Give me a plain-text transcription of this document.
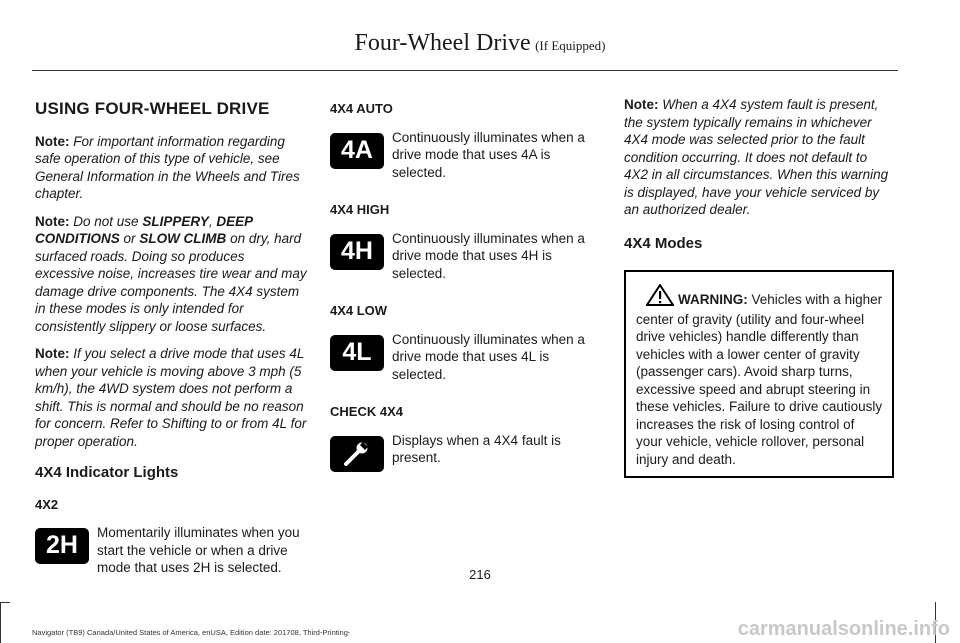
Four-Wheel Drive (If Equipped)
USING FOUR-WHEEL DRIVE

Note: For important information regarding safe operation of this type of vehicle, see General Information in the Wheels and Tires chapter.

Note: Do not use SLIPPERY, DEEP CONDITIONS or SLOW CLIMB on dry, hard surfaced roads. Doing so produces excessive noise, increases tire wear and may damage drive components. The 4X4 system in these modes is only intended for consistently slippery or loose surfaces.

Note: If you select a drive mode that uses 4L when your vehicle is moving above 3 mph (5 km/h), the 4WD system does not perform a shift. This is normal and should be no reason for concern. Refer to Shifting to or from 4L for proper operation.

4X4 Indicator Lights
4X2
2H	Momentarily illuminates when you start the vehicle or when a drive mode that uses 2H is selected.
4X4 AUTO
4A	Continuously illuminates when a drive mode that uses 4A is selected.
4X4 HIGH
4H	Continuously illuminates when a drive mode that uses 4H is selected.
4X4 LOW
4L	Continuously illuminates when a drive mode that uses 4L is selected.
CHECK 4X4
Displays when a 4X4 fault is present.

Note: When a 4X4 system fault is present, the system typically remains in whichever 4X4 mode was selected prior to the fault condition occurring. It does not default to 4X2 in all circumstances. When this warning is displayed, have your vehicle serviced by an authorized dealer.

4X4 Modes
WARNING: Vehicles with a higher center of gravity (utility and four-wheel drive vehicles) handle differently than vehicles with a lower center of gravity (passenger cars). Avoid sharp turns, excessive speed and abrupt steering in these vehicles. Failure to drive cautiously increases the risk of losing control of your vehicle, vehicle rollover, personal injury and death.
216
Navigator (TB9) Canada/United States of America, enUSA, Edition date: 201708, Third-Printing-	carmanualsonline.info
